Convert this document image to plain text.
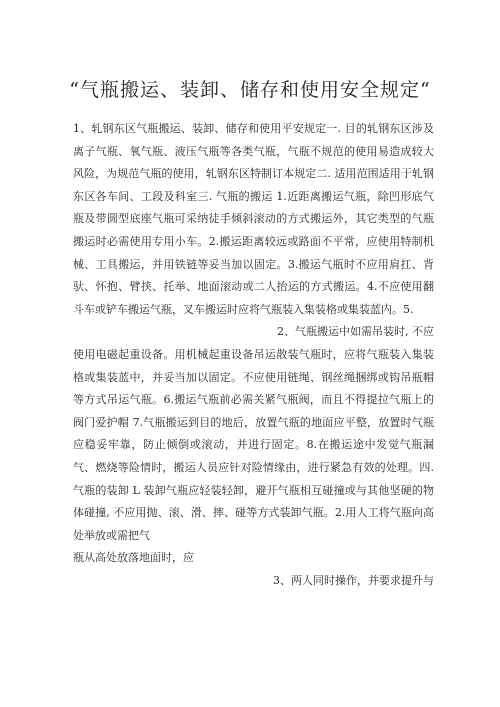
“气瓶搬运、装卸、储存和使用安全规定“

1、轧钢东区气瓶搬运、装卸、储存和使用平安规定一. 目的轧钢东区涉及离子气瓶、氧气瓶、液压气瓶等各类气瓶，气瓶不规范的使用易造成较大风险，为规范气瓶的使用，轧钢东区特制订本规定二. 适用范围适用于轧钢东区各车间、工段及科室三. 气瓶的搬运 1.近距离搬运气瓶，除凹形底气瓶及带圆型底座气瓶可采纳徒手倾斜滚动的方式搬运外，其它类型的气瓶搬运时必需使用专用小车。2.搬运距离较远或路面不平常，应使用特制机械、工具搬运，并用铁链等妥当加以固定。3.搬运气瓶时不应用肩扛、背驮、怀抱、臂挟、托举、地面滚动或二人抬运的方式搬运。4.不应使用翻斗车或铲车搬运气瓶，叉车搬运时应将气瓶装入集装格或集装蓝内。5.

2、气瓶搬运中如需吊装时, 不应

使用电磁起重设备。用机械起重设备吊运散装气瓶时，应将气瓶装入集装格或集装蓝中，并妥当加以固定。不应使用链绳、钢丝绳捆绑或钩吊瓶帽等方式吊运气瓶。6.搬运气瓶前必需关紧气瓶阀，而且不得提拉气瓶上的阀门爱护帽 7.气瓶搬运到目的地后，放置气瓶的地面应平整，放置时气瓶应稳妥牢靠，防止倾倒或滚动，并进行固定。8.在搬运途中发觉气瓶漏气、燃烧等险情时，搬运人员应针对险情缘由，进行紧急有效的处理。四. 气瓶的装卸 L 装卸气瓶应轻装轻卸，避开气瓶相互碰撞或与其他坚硬的物体碰撞, 不应用抛、滚、滑、摔、碰等方式装卸气瓶。2.用人工将气瓶向高处举放或需把气

瓶从高处放落地面时，应

3、两人同时操作，并要求提升与
